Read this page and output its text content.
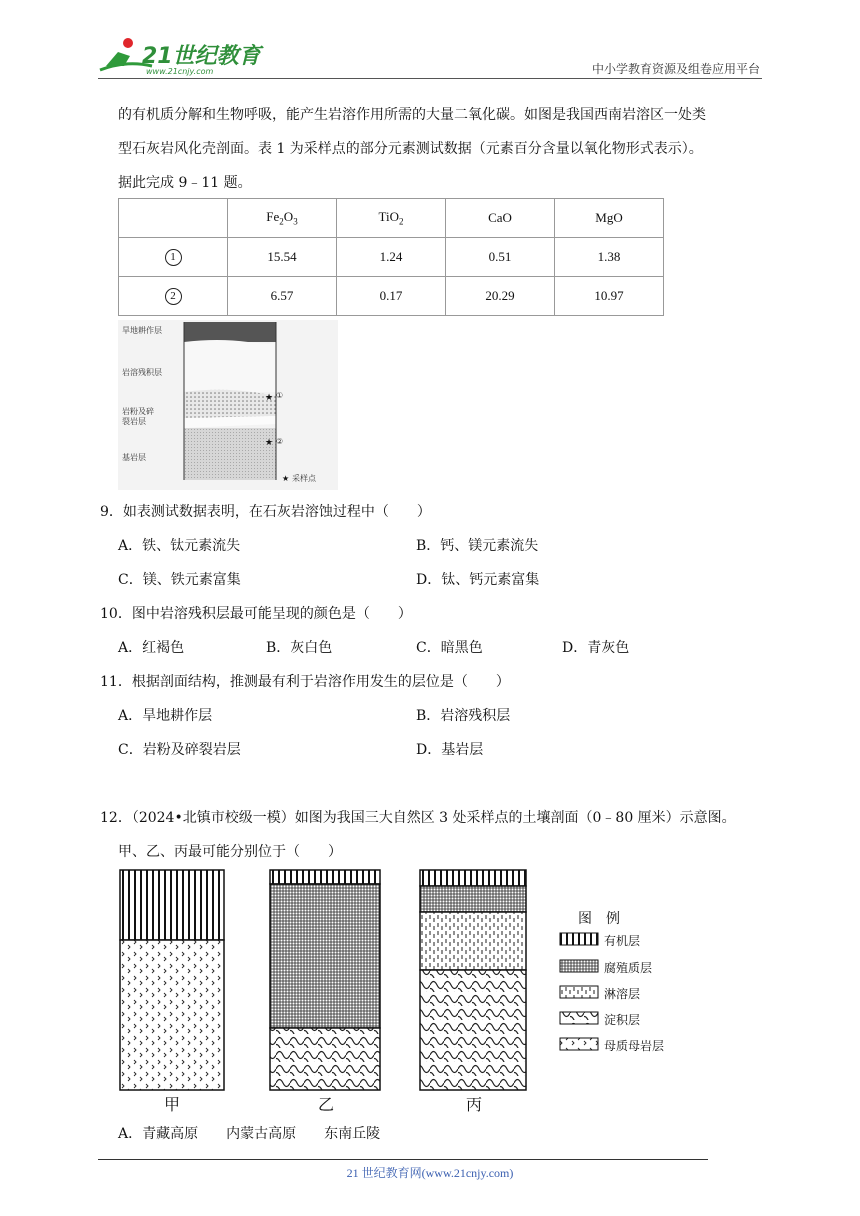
21世纪教育
www.21cnjy.com	中小学教育资源及组卷应用平台
的有机质分解和生物呼吸，能产生岩溶作用所需的大量二氧化碳。如图是我国西南岩溶区一处类
型石灰岩风化壳剖面。表 1 为采样点的部分元素测试数据（元素百分含量以氧化物形式表示）。
据此完成 9﹣11 题。
	$Fe_2O_3$	TiO$_2$	CaO	MgO
1	15.54	1.24	0.51	1.38
2	6.57	0.17	20.29	10.97
★
★
★
旱地耕作层
岩溶残积层
岩粉及碎
裂岩层
基岩层
①
②
采样点
9．如表测试数据表明，在石灰岩溶蚀过程中（　　）
A．铁、钛元素流失	B．钙、镁元素流失
C．镁、铁元素富集	D．钛、钙元素富集
10．图中岩溶残积层最可能呈现的颜色是（　　）
A．红褐色	B．灰白色	C．暗黑色	D．青灰色
11．根据剖面结构，推测最有利于岩溶作用发生的层位是（　　）
A．旱地耕作层	B．岩溶残积层
C．岩粉及碎裂岩层	D．基岩层
12．（2024•北镇市校级一模）如图为我国三大自然区 3 处采样点的土壤剖面（0﹣80 厘米）示意图。
甲、乙、丙最可能分别位于（　　）
甲	乙	丙
图　例
有机层
腐殖质层
淋溶层
淀积层
母质母岩层
A．青藏高原　　内蒙古高原　　东南丘陵
21 世纪教育网(www.21cnjy.com)
